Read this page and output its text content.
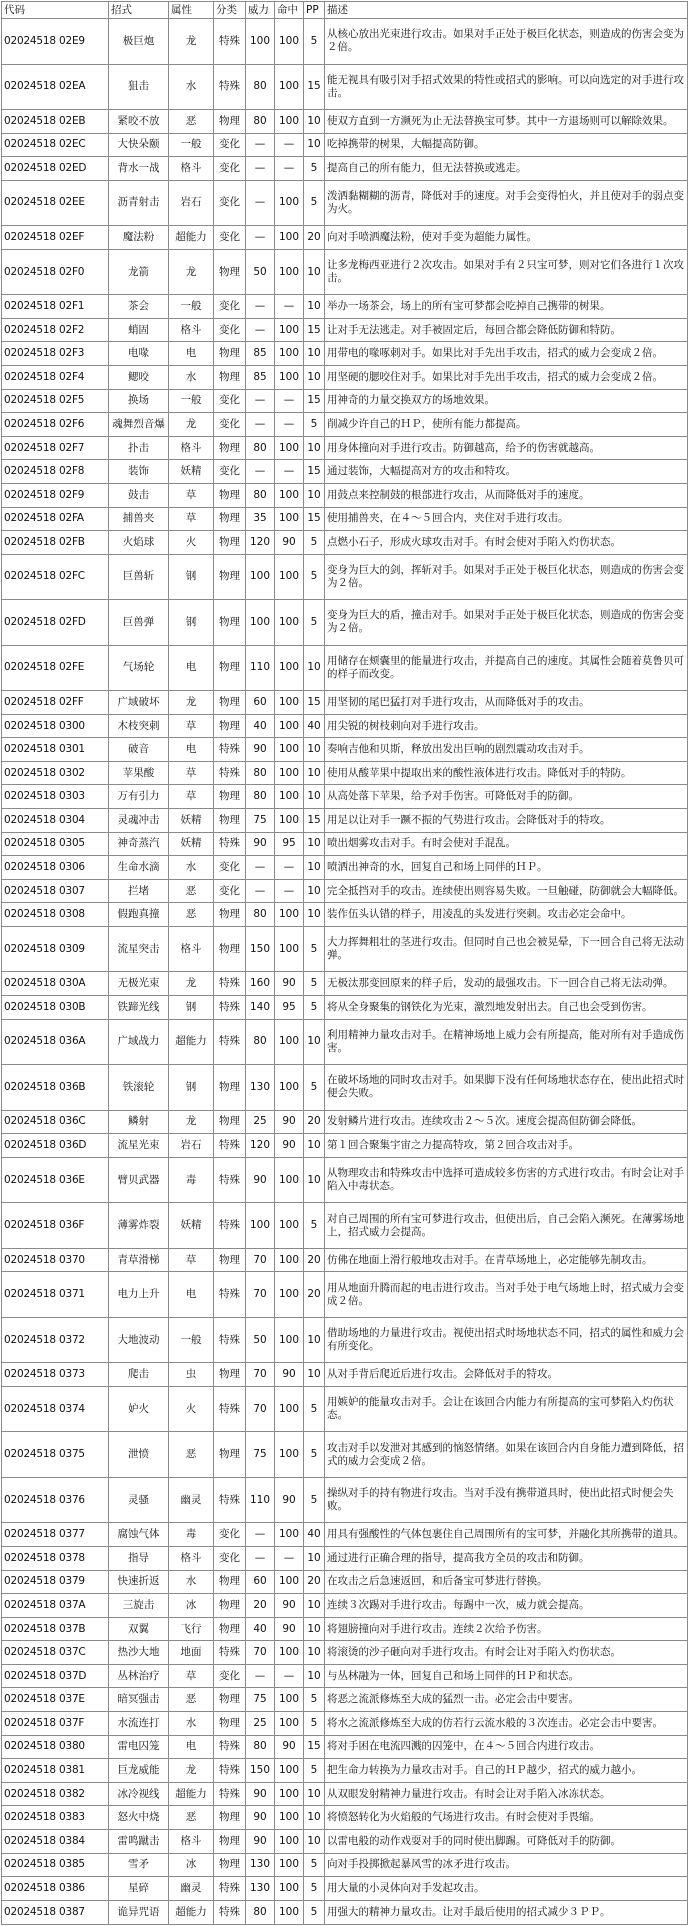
代码	招式	属性	分类	威力	命中	PP	描述
02024518 02E9	极巨炮	龙	特殊	100	100	5	从核心放出光束进行攻击。如果对手正处于极巨化状态，则造成的伤害会变为２倍。
02024518 02EA	狙击	水	特殊	80	100	15	能无视具有吸引对手招式效果的特性或招式的影响。可以向选定的对手进行攻击。
02024518 02EB	紧咬不放	恶	物理	80	100	10	使双方直到一方濒死为止无法替换宝可梦。其中一方退场则可以解除效果。
02024518 02EC	大快朵颐	一般	变化	—	—	10	吃掉携带的树果，大幅提高防御。
02024518 02ED	背水一战	格斗	变化	—	—	5	提高自己的所有能力，但无法替换或逃走。
02024518 02EE	沥青射击	岩石	变化	—	100	5	泼洒黏糊糊的沥青，降低对手的速度。对手会变得怕火，并且使对手的弱点变为火。
02024518 02EF	魔法粉	超能力	变化	—	100	20	向对手喷洒魔法粉，使对手变为超能力属性。
02024518 02F0	龙箭	龙	物理	50	100	10	让多龙梅西亚进行２次攻击。如果对手有２只宝可梦，则对它们各进行１次攻击。
02024518 02F1	茶会	一般	变化	—	—	10	举办一场茶会，场上的所有宝可梦都会吃掉自己携带的树果。
02024518 02F2	蛸固	格斗	变化	—	100	15	让对手无法逃走。对手被固定后，每回合都会降低防御和特防。
02024518 02F3	电喙	电	物理	85	100	10	用带电的喙啄刺对手。如果比对手先出手攻击，招式的威力会变成２倍。
02024518 02F4	鳃咬	水	物理	85	100	10	用坚硬的腮咬住对手。如果比对手先出手攻击，招式的威力会变成２倍。
02024518 02F5	换场	一般	变化	—	—	15	用神奇的力量交换双方的场地效果。
02024518 02F6	魂舞烈音爆	龙	变化	—	—	5	削减少许自己的ＨＰ，使所有能力都提高。
02024518 02F7	扑击	格斗	物理	80	100	10	用身体撞向对手进行攻击。防御越高，给予的伤害就越高。
02024518 02F8	装饰	妖精	变化	—	—	15	通过装饰，大幅提高对方的攻击和特攻。
02024518 02F9	鼓击	草	物理	80	100	10	用鼓点来控制鼓的根部进行攻击，从而降低对手的速度。
02024518 02FA	捕兽夹	草	物理	35	100	15	使用捕兽夹，在４～５回合内，夹住对手进行攻击。
02024518 02FB	火焰球	火	物理	120	90	5	点燃小石子，形成火球攻击对手。有时会使对手陷入灼伤状态。
02024518 02FC	巨兽斩	钢	物理	100	100	5	变身为巨大的剑，挥斩对手。如果对手正处于极巨化状态，则造成的伤害会变为２倍。
02024518 02FD	巨兽弹	钢	物理	100	100	5	变身为巨大的盾，撞击对手。如果对手正处于极巨化状态，则造成的伤害会变为２倍。
02024518 02FE	气场轮	电	物理	110	100	10	用储存在颊囊里的能量进行攻击，并提高自己的速度。其属性会随着莫鲁贝可的样子而改变。
02024518 02FF	广域破坏	龙	物理	60	100	15	用坚韧的尾巴猛打对手进行攻击，从而降低对手的攻击。
02024518 0300	木枝突刺	草	物理	40	100	40	用尖锐的树枝刺向对手进行攻击。
02024518 0301	破音	电	特殊	90	100	10	奏响吉他和贝斯，释放出发出巨响的剧烈震动攻击对手。
02024518 0302	苹果酸	草	特殊	80	100	10	使用从酸苹果中提取出来的酸性液体进行攻击。降低对手的特防。
02024518 0303	万有引力	草	物理	80	100	10	从高处落下苹果，给予对手伤害。可降低对手的防御。
02024518 0304	灵魂冲击	妖精	物理	75	100	15	用足以让对手一蹶不振的气势进行攻击。会降低对手的特攻。
02024518 0305	神奇蒸汽	妖精	特殊	90	95	10	喷出烟雾攻击对手。有时会使对手混乱。
02024518 0306	生命水滴	水	变化	—	—	10	喷洒出神奇的水，回复自己和场上同伴的ＨＰ。
02024518 0307	拦堵	恶	变化	—	—	10	完全抵挡对手的攻击。连续使出则容易失败。一旦触碰，防御就会大幅降低。
02024518 0308	假跑真撞	恶	物理	80	100	10	装作伍头认错的样子，用凌乱的头发进行突刺。攻击必定会命中。
02024518 0309	流星突击	格斗	物理	150	100	5	大力挥舞粗壮的茎进行攻击。但同时自己也会被晃晕，下一回合自己将无法动弹。
02024518 030A	无极光束	龙	特殊	160	90	5	无极汰那变回原来的样子后，发动的最强攻击。下一回合自己将无法动弹。
02024518 030B	铁蹄光线	钢	特殊	140	95	5	将从全身聚集的钢铁化为光束，激烈地发射出去。自己也会受到伤害。
02024518 036A	广域战力	超能力	特殊	80	100	10	利用精神力量攻击对手。在精神场地上威力会有所提高，能对所有对手造成伤害。
02024518 036B	铁滚轮	钢	物理	130	100	5	在破坏场地的同时攻击对手。如果脚下没有任何场地状态存在，使出此招式时便会失败。
02024518 036C	鳞射	龙	物理	25	90	20	发射鳞片进行攻击。连续攻击２～５次。速度会提高但防御会降低。
02024518 036D	流星光束	岩石	特殊	120	90	10	第１回合聚集宇宙之力提高特攻，第２回合攻击对手。
02024518 036E	臂贝武器	毒	特殊	90	100	10	从物理攻击和特殊攻击中选择可造成较多伤害的方式进行攻击。有时会让对手陷入中毒状态。
02024518 036F	薄雾炸裂	妖精	特殊	100	100	5	对自己周围的所有宝可梦进行攻击，但使出后，自己会陷入濒死。在薄雾场地上，招式威力会提高。
02024518 0370	青草滑梯	草	物理	70	100	20	仿佛在地面上滑行般地攻击对手。在青草场地上，必定能够先制攻击。
02024518 0371	电力上升	电	特殊	70	100	20	用从地面升腾而起的电击进行攻击。当对手处于电气场地上时，招式威力会变成２倍。
02024518 0372	大地波动	一般	特殊	50	100	10	借助场地的力量进行攻击。视使出招式时场地状态不同，招式的属性和威力会有所变化。
02024518 0373	爬击	虫	物理	70	90	10	从对手背后爬近后进行攻击。会降低对手的特攻。
02024518 0374	妒火	火	特殊	70	100	5	用嫉妒的能量攻击对手。会让在该回合内能力有所提高的宝可梦陷入灼伤状态。
02024518 0375	泄愤	恶	物理	75	100	5	攻击对手以发泄对其感到的恼怒情绪。如果在该回合内自身能力遭到降低，招式的威力会变成２倍。
02024518 0376	灵骚	幽灵	特殊	110	90	5	操纵对手的持有物进行攻击。当对手没有携带道具时，使出此招式时便会失败。
02024518 0377	腐蚀气体	毒	变化	—	100	40	用具有强酸性的气体包裹住自己周围所有的宝可梦，并融化其所携带的道具。
02024518 0378	指导	格斗	变化	—	—	10	通过进行正确合理的指导，提高我方全员的攻击和防御。
02024518 0379	快速折返	水	物理	60	100	20	在攻击之后急速返回，和后备宝可梦进行替换。
02024518 037A	三旋击	冰	物理	20	90	10	连续３次踢对手进行攻击。每踢中一次，威力就会提高。
02024518 037B	双翼	飞行	物理	40	90	10	将翅膀撞向对手进行攻击。连续２次给予伤害。
02024518 037C	热沙大地	地面	特殊	70	100	10	将滚烫的沙子砸向对手进行攻击。有时会让对手陷入灼伤状态。
02024518 037D	丛林治疗	草	变化	—	—	10	与丛林融为一体，回复自己和场上同伴的ＨＰ和状态。
02024518 037E	暗冥强击	恶	物理	75	100	5	将恶之流派修炼至大成的猛烈一击。必定会击中要害。
02024518 037F	水流连打	水	物理	25	100	5	将水之流派修炼至大成的仿若行云流水般的３次连击。必定会击中要害。
02024518 0380	雷电囚笼	电	特殊	80	90	15	将对手困在电流四溅的囚笼中，在４～５回合内进行攻击。
02024518 0381	巨龙威能	龙	特殊	150	100	5	把生命力转换为力量攻击对手。自己的ＨＰ越少，招式的威力越小。
02024518 0382	冰冷视线	超能力	特殊	90	100	10	从双眼发射精神力量进行攻击。有时会让对手陷入冰冻状态。
02024518 0383	怒火中烧	恶	物理	90	100	10	将愤怒转化为火焰般的气场进行攻击。有时会使对手畏缩。
02024518 0384	雷鸣蹴击	格斗	物理	90	100	10	以雷电般的动作戏耍对手的同时使出脚踢。可降低对手的防御。
02024518 0385	雪矛	冰	物理	130	100	5	向对手投掷掀起暴风雪的冰矛进行攻击。
02024518 0386	星碎	幽灵	特殊	130	100	5	用大量的小灵体向对手发起攻击。
02024518 0387	诡异咒语	超能力	特殊	80	100	5	用强大的精神力量攻击。让对手最后使用的招式减少３ＰＰ。
